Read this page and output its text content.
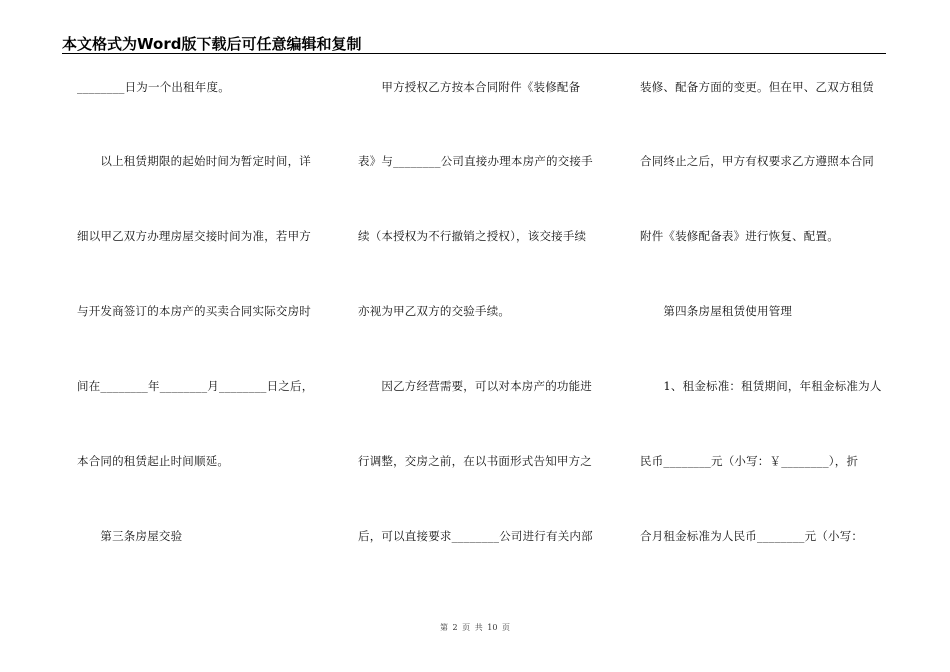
本文格式为Word版下载后可任意编辑和复制
________日为一个出租年度。
　　以上租赁期限的起始时间为暂定时间，详
细以甲乙双方办理房屋交接时间为准，若甲方
与开发商签订的本房产的买卖合同实际交房时
间在________年________月________日之后，
本合同的租赁起止时间顺延。
　　第三条房屋交验
　　甲方授权乙方按本合同附件《装修配备
表》与________公司直接办理本房产的交接手
续（本授权为不行撤销之授权），该交接手续
亦视为甲乙双方的交验手续。
　　因乙方经营需要，可以对本房产的功能进
行调整，交房之前，在以书面形式告知甲方之
后，可以直接要求________公司进行有关内部
装修、配备方面的变更。但在甲、乙双方租赁
合同终止之后，甲方有权要求乙方遵照本合同
附件《装修配备表》进行恢复、配置。
　　第四条房屋租赁使用管理
　　1、租金标准：租赁期间，年租金标准为人
民币________元（小写：￥________），折
合月租金标准为人民币________元（小写：
第 2 页 共 10 页
